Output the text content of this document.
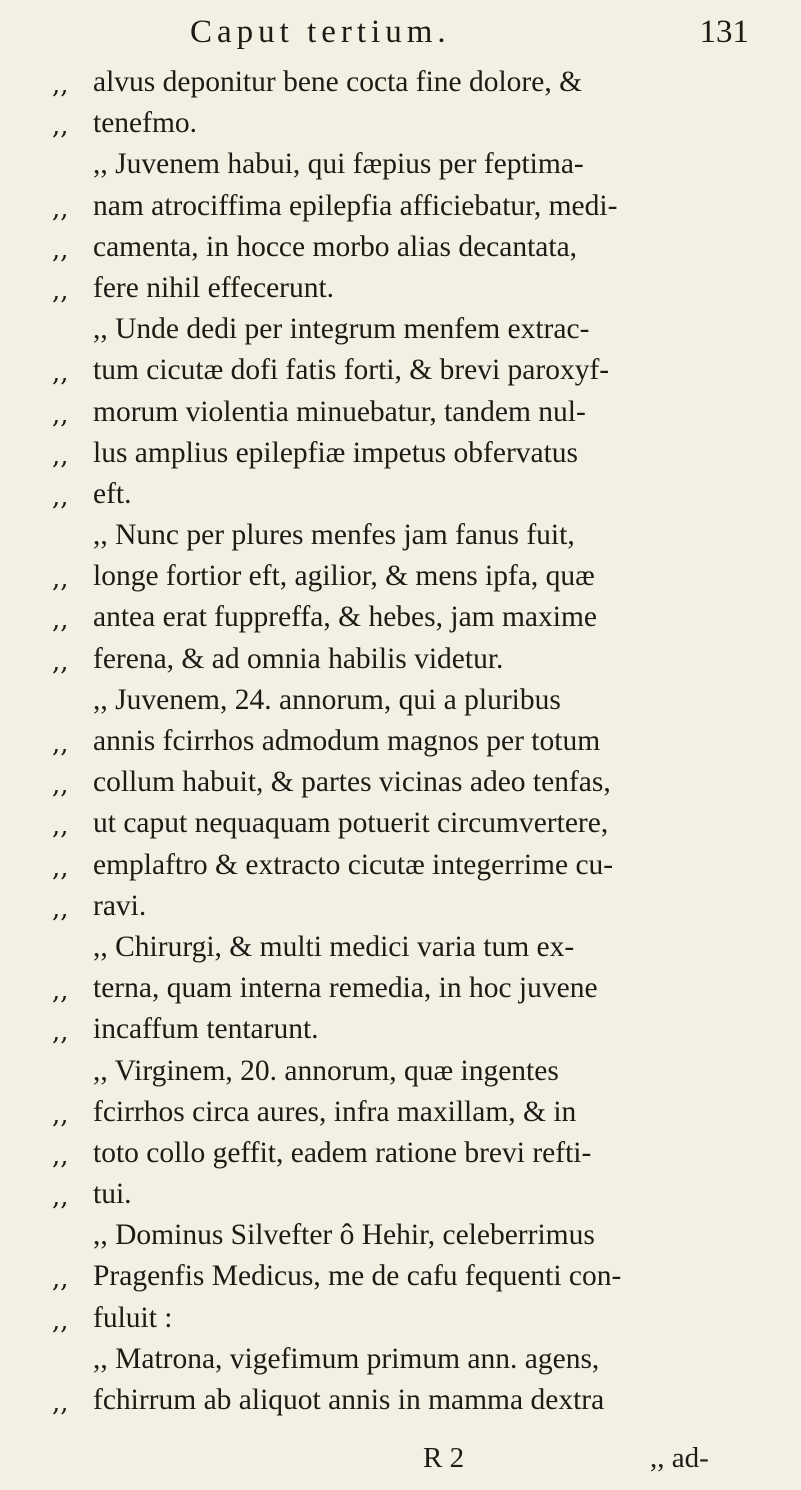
Caput tertium.	131
,, alvus deponitur bene cocta fine dolore, &
,, tenefmo.
,, Juvenem habui, qui fæpius per feptima-
,, nam atrociffima epilepfia afficiebatur, medi-
,, camenta, in hocce morbo alias decantata,
,, fere nihil effecerunt.
,, Unde dedi per integrum menfem extrac-
,, tum cicutæ dofi fatis forti, & brevi paroxyf-
,, morum violentia minuebatur, tandem nul-
,, lus amplius epilepfiæ impetus obfervatus
,, eft.
,, Nunc per plures menfes jam fanus fuit,
,, longe fortior eft, agilior, & mens ipfa, quæ
,, antea erat fuppreffa, & hebes, jam maxime
,, ferena, & ad omnia habilis videtur.
,, Juvenem, 24. annorum, qui a pluribus
,, annis fcirrhos admodum magnos per totum
,, collum habuit, & partes vicinas adeo tenfas,
,, ut caput nequaquam potuerit circumvertere,
,, emplaftro & extracto cicutæ integerrime cu-
,, ravi.
,, Chirurgi, & multi medici varia tum ex-
,, terna, quam interna remedia, in hoc juvene
,, incaffum tentarunt.
,, Virginem, 20. annorum, quæ ingentes
,, fcirrhos circa aures, infra maxillam, & in
,, toto collo geffit, eadem ratione brevi refti-
,, tui.
,, Dominus Silvefter ô Hehir, celeberrimus
,, Pragenfis Medicus, me de cafu fequenti con-
,, fuluit :
,, Matrona, vigefimum primum ann. agens,
,, fchirrum ab aliquot annis in mamma dextra
R 2	,, ad-
